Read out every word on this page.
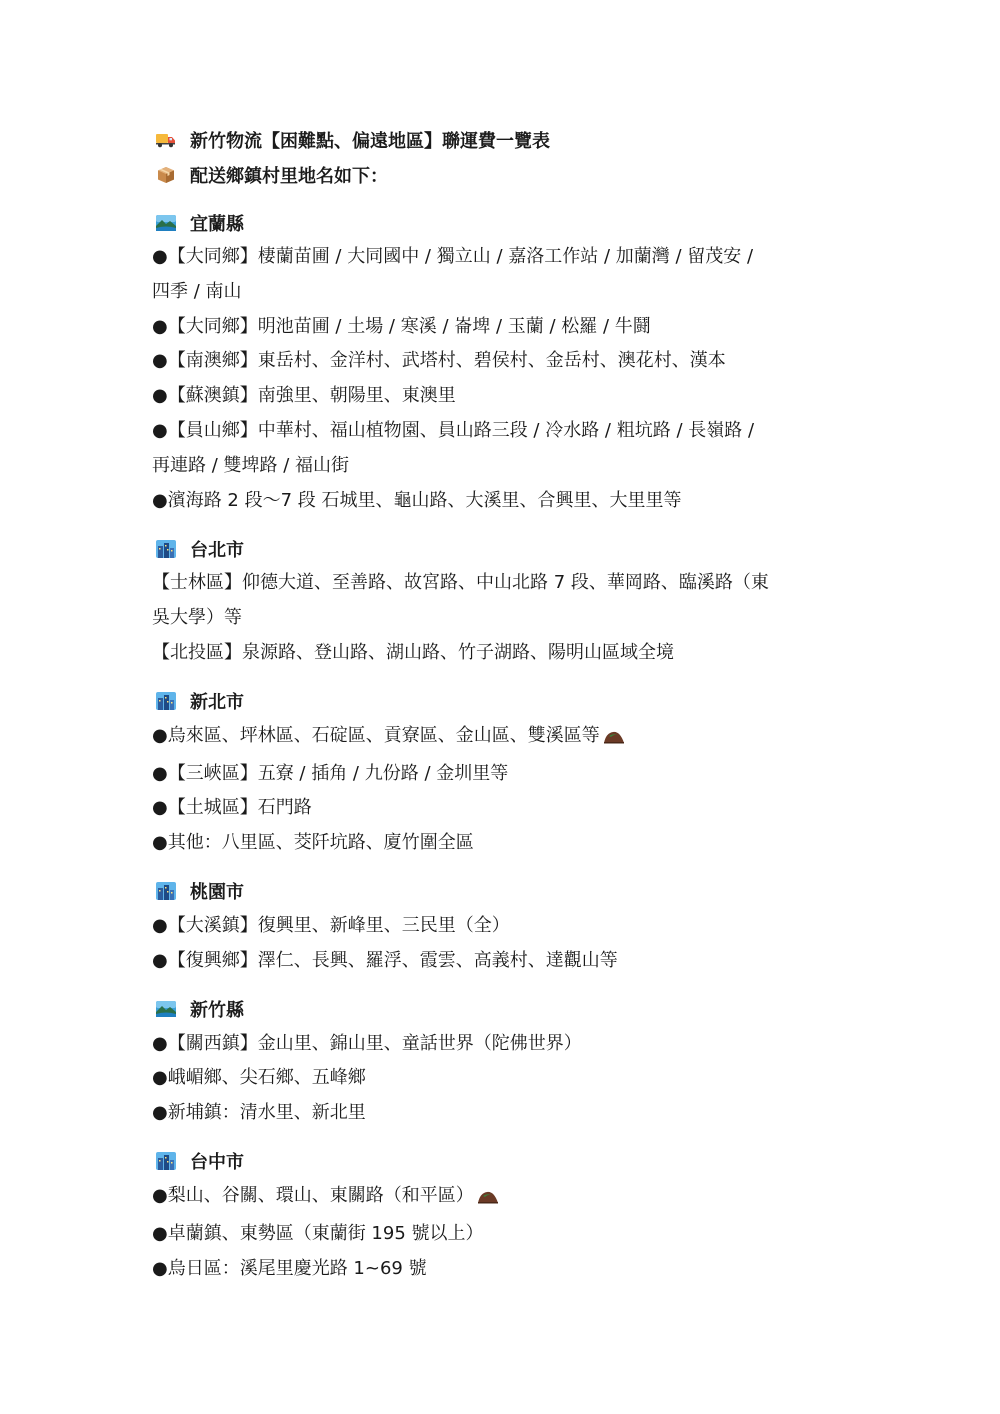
新竹物流【困難點、偏遠地區】聯運費一覽表
配送鄉鎮村里地名如下：
宜蘭縣
●【大同鄉】棲蘭苗圃 / 大同國中 / 獨立山 / 嘉洛工作站 / 加蘭灣 / 留茂安 /
四季 / 南山
●【大同鄉】明池苗圃 / 土場 / 寒溪 / 崙埤 / 玉蘭 / 松羅 / 牛鬪
●【南澳鄉】東岳村、金洋村、武塔村、碧侯村、金岳村、澳花村、漢本
●【蘇澳鎮】南強里、朝陽里、東澳里
●【員山鄉】中華村、福山植物園、員山路三段 / 冷水路 / 粗坑路 / 長嶺路 /
再連路 / 雙埤路 / 福山街
●濱海路 2 段～7 段 石城里、龜山路、大溪里、合興里、大里里等
台北市
【士林區】仰德大道、至善路、故宮路、中山北路 7 段、華岡路、臨溪路（東
吳大學）等
【北投區】泉源路、登山路、湖山路、竹子湖路、陽明山區域全境
新北市
●烏來區、坪林區、石碇區、貢寮區、金山區、雙溪區等
●【三峽區】五寮 / 插角 / 九份路 / 金圳里等
●【土城區】石門路
●其他：八里區、茭阡坑路、廈竹圍全區
桃園市
●【大溪鎮】復興里、新峰里、三民里（全）
●【復興鄉】澤仁、長興、羅浮、霞雲、高義村、達觀山等
新竹縣
●【關西鎮】金山里、錦山里、童話世界（陀佛世界）
●峨嵋鄉、尖石鄉、五峰鄉
●新埔鎮：清水里、新北里
台中市
●梨山、谷關、環山、東關路（和平區）
●卓蘭鎮、東勢區（東蘭街 195 號以上）
●烏日區：溪尾里慶光路 1~69 號
